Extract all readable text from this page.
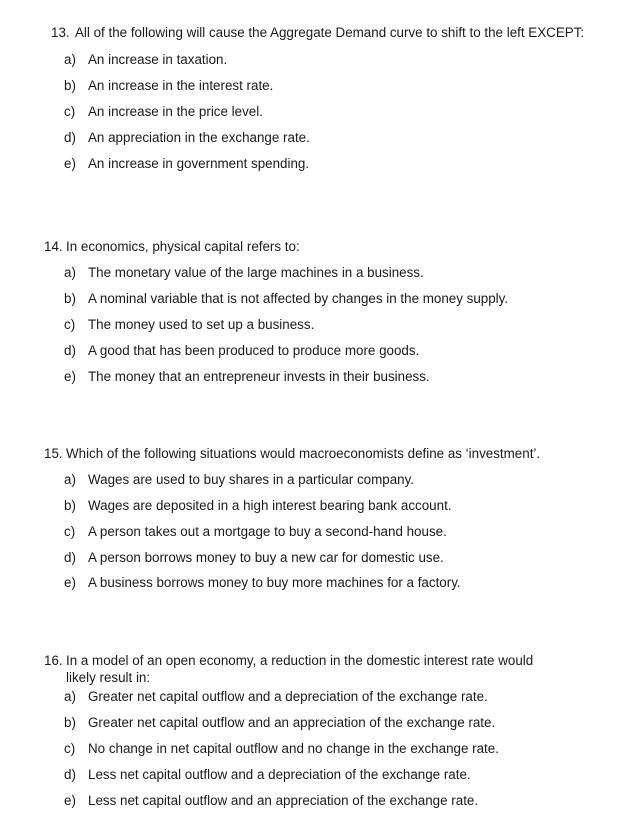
13. All of the following will cause the Aggregate Demand curve to shift to the left EXCEPT:
a) An increase in taxation.
b) An increase in the interest rate.
c) An increase in the price level.
d) An appreciation in the exchange rate.
e) An increase in government spending.
14. In economics, physical capital refers to:
a) The monetary value of the large machines in a business.
b) A nominal variable that is not affected by changes in the money supply.
c) The money used to set up a business.
d) A good that has been produced to produce more goods.
e) The money that an entrepreneur invests in their business.
15. Which of the following situations would macroeconomists define as ‘investment’.
a) Wages are used to buy shares in a particular company.
b) Wages are deposited in a high interest bearing bank account.
c) A person takes out a mortgage to buy a second-hand house.
d) A person borrows money to buy a new car for domestic use.
e) A business borrows money to buy more machines for a factory.
16. In a model of an open economy, a reduction in the domestic interest rate would likely result in:
a) Greater net capital outflow and a depreciation of the exchange rate.
b) Greater net capital outflow and an appreciation of the exchange rate.
c) No change in net capital outflow and no change in the exchange rate.
d) Less net capital outflow and a depreciation of the exchange rate.
e) Less net capital outflow and an appreciation of the exchange rate.
